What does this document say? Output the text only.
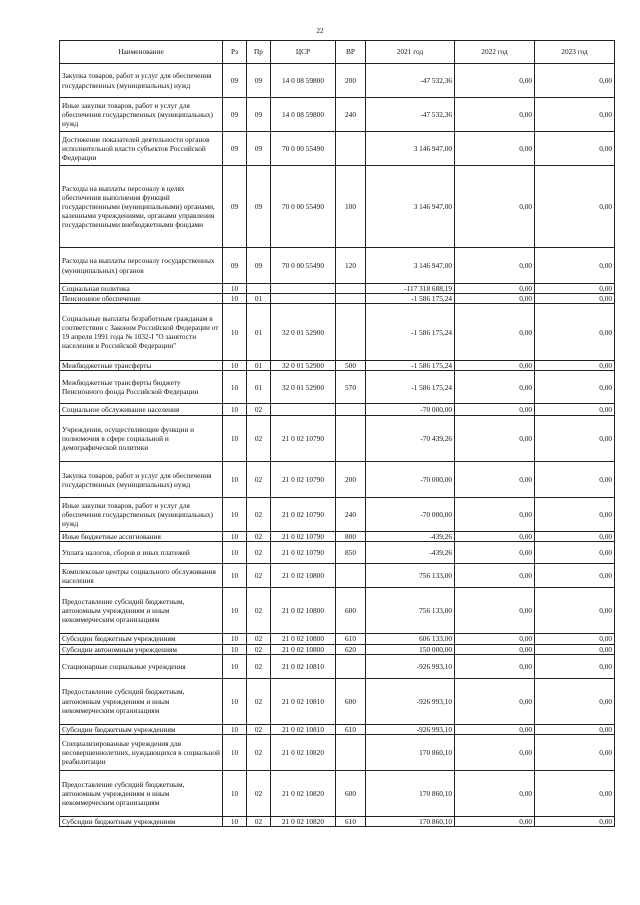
22
Наименование	Рз	Пр	ЦСР	ВР	2021 год	2022 год	2023 год
Закупка товаров, работ и услуг для обеспечения государственных (муниципальных) нужд	09	09	14 0 08 59800	200	-47 532,36	0,00	0,00
Иные закупки товаров, работ и услуг для обеспечения государственных (муниципальных) нужд	09	09	14 0 08 59800	240	-47 532,36	0,00	0,00
Достижение показателей деятельности органов исполнительной власти субъектов Российской Федерации	09	09	70 0 00 55490		3 146 947,00	0,00	0,00
Расходы на выплаты персоналу в целях обеспечения выполнения функций государственными (муниципальными) органами, казенными учреждениями, органами управления государственными внебюджетными фондами	09	09	70 0 00 55490	100	3 146 947,00	0,00	0,00
Расходы на выплаты персоналу государственных (муниципальных) органов	09	09	70 0 00 55490	120	3 146 947,00	0,00	0,00
Социальная политика	10				-117 318 688,19	0,00	0,00
Пенсионное обеспечение	10	01			-1 586 175,24	0,00	0,00
Социальные выплаты безработным гражданам в соответствии с Законом Российской Федерации от 19 апреля 1991 года № 1032-I "О занятости населения в Российской Федерации"	10	01	32 0 01 52900		-1 586 175,24	0,00	0,00
Межбюджетные трансферты	10	01	32 0 01 52900	500	-1 586 175,24	0,00	0,00
Межбюджетные трансферты бюджету Пенсионного фонда Российской Федерации	10	01	32 0 01 52900	570	-1 586 175,24	0,00	0,00
Социальное обслуживание населения	10	02			-70 000,00	0,00	0,00
Учреждения, осуществляющие функции и полномочия в сфере социальной и демографической политики	10	02	21 0 02 10790		-70 439,26	0,00	0,00
Закупка товаров, работ и услуг для обеспечения государственных (муниципальных) нужд	10	02	21 0 02 10790	200	-70 000,00	0,00	0,00
Иные закупки товаров, работ и услуг для обеспечения государственных (муниципальных) нужд	10	02	21 0 02 10790	240	-70 000,00	0,00	0,00
Иные бюджетные ассигнования	10	02	21 0 02 10790	800	-439,26	0,00	0,00
Уплата налогов, сборов и иных платежей	10	02	21 0 02 10790	850	-439,26	0,00	0,00
Комплексные центры социального обслуживания населения	10	02	21 0 02 10800		756 133,00	0,00	0,00
Предоставление субсидий бюджетным, автономным учреждениям и иным некоммерческим организациям	10	02	21 0 02 10800	600	756 133,00	0,00	0,00
Субсидии бюджетным учреждениям	10	02	21 0 02 10800	610	606 133,00	0,00	0,00
Субсидии автономным учреждениям	10	02	21 0 02 10800	620	150 000,00	0,00	0,00
Стационарные социальные учреждения	10	02	21 0 02 10810		-926 993,10	0,00	0,00
Предоставление субсидий бюджетным, автономным учреждениям и иным некоммерческим организациям	10	02	21 0 02 10810	600	-926 993,10	0,00	0,00
Субсидии бюджетным учреждениям	10	02	21 0 02 10810	610	-926 993,10	0,00	0,00
Специализированные учреждения для несовершеннолетних, нуждающихся в социальной реабилитации	10	02	21 0 02 10820		170 860,10	0,00	0,00
Предоставление субсидий бюджетным, автономным учреждениям и иным некоммерческим организациям	10	02	21 0 02 10820	600	170 860,10	0,00	0,00
Субсидии бюджетным учреждениям	10	02	21 0 02 10820	610	170 860,10	0,00	0,00
